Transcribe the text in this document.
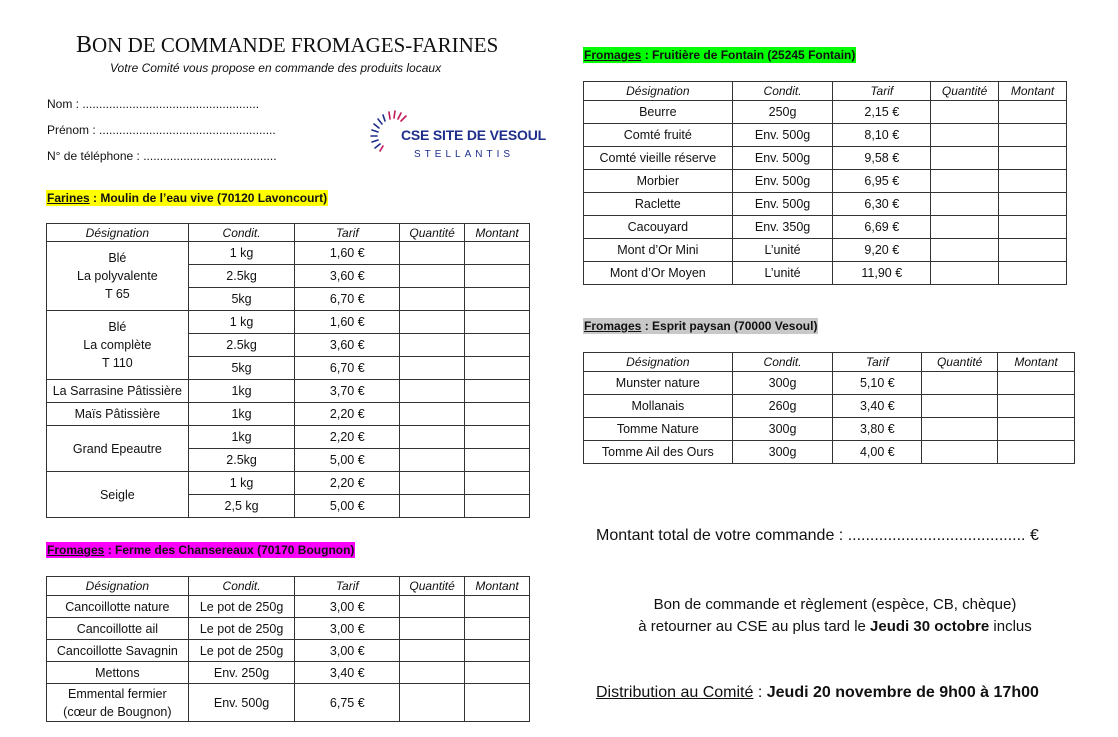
BON DE COMMANDE FROMAGES-FARINES
Votre Comité vous propose en commande des produits locaux
Nom : .....................................................
Prénom : .....................................................
N° de téléphone : ........................................
CSE SITE DE VESOUL
STELLANTIS
Farines : Moulin de l’eau vive (70120 Lavoncourt)
Désignation	Condit.	Tarif	Quantité	Montant
Blé
La polyvalente
T 65	1 kg	1,60 €		
	2.5kg	3,60 €		
	5kg	6,70 €		
Blé
La complète
T 110	1 kg	1,60 €		
	2.5kg	3,60 €		
	5kg	6,70 €		
La Sarrasine Pâtissière	1kg	3,70 €		
Maïs Pâtissière	1kg	2,20 €		
Grand Epeautre	1kg	2,20 €		
	2.5kg	5,00 €		
Seigle	1 kg	2,20 €		
	2,5 kg	5,00 €		
Fromages : Ferme des Chansereaux (70170 Bougnon)
Désignation	Condit.	Tarif	Quantité	Montant
Cancoillotte nature	Le pot de 250g	3,00 €		
Cancoillotte ail	Le pot de 250g	3,00 €		
Cancoillotte Savagnin	Le pot de 250g	3,00 €		
Mettons	Env. 250g	3,40 €		
Emmental fermier
(cœur de Bougnon)	Env. 500g	6,75 €		
Fromages : Fruitière de Fontain (25245 Fontain)
Désignation	Condit.	Tarif	Quantité	Montant
Beurre	250g	2,15 €		
Comté fruité	Env. 500g	8,10 €		
Comté vieille réserve	Env. 500g	9,58 €		
Morbier	Env. 500g	6,95 €		
Raclette	Env. 500g	6,30 €		
Cacouyard	Env. 350g	6,69 €		
Mont d’Or Mini	L’unité	9,20 €		
Mont d’Or Moyen	L’unité	11,90 €		
Fromages : Esprit paysan (70000 Vesoul)
Désignation	Condit.	Tarif	Quantité	Montant
Munster nature	300g	5,10 €		
Mollanais	260g	3,40 €		
Tomme Nature	300g	3,80 €		
Tomme Ail des Ours	300g	4,00 €		
Montant total de votre commande : ........................................ €
Bon de commande et règlement (espèce, CB, chèque)
à retourner au CSE au plus tard le Jeudi 30 octobre inclus
Distribution au Comité : Jeudi 20 novembre de 9h00 à 17h00
